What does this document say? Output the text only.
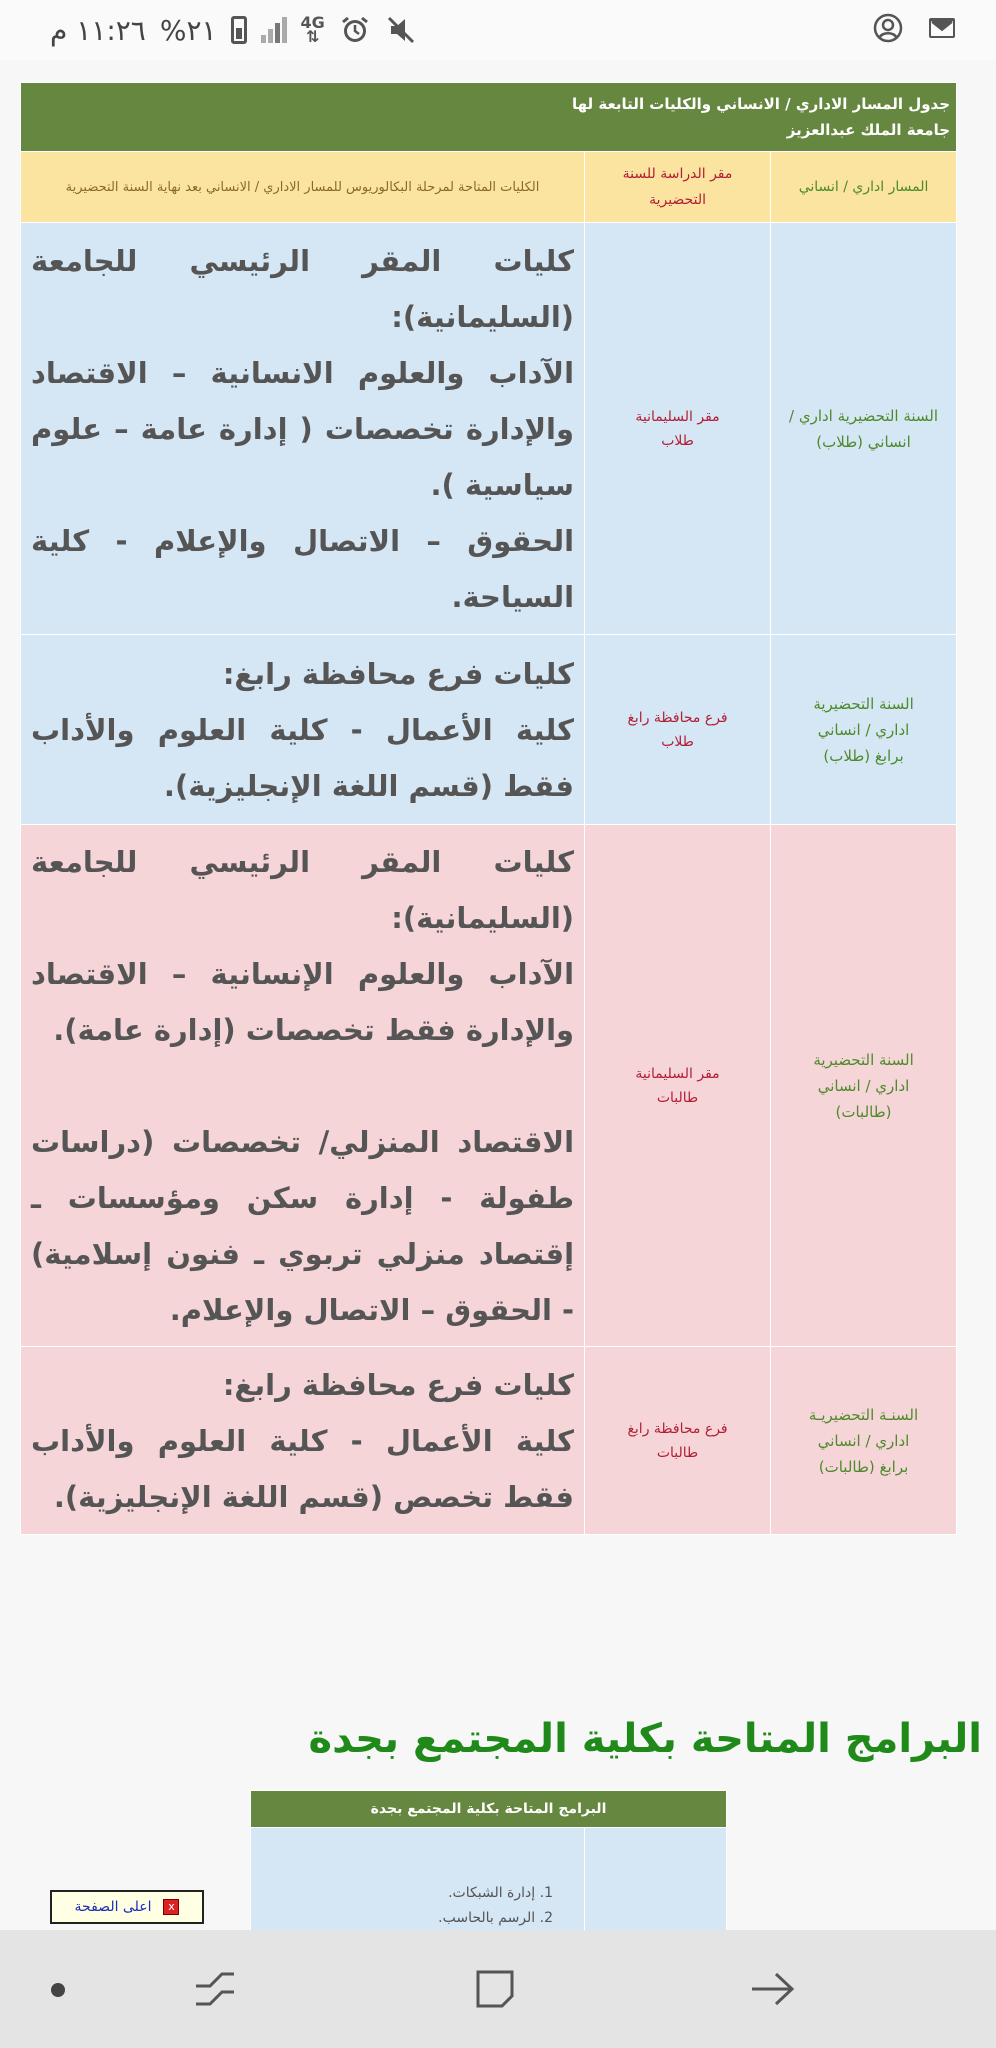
١١:٢٦ م %٢١	4G
⇅
جدول المسار الاداري / الانساني والكليات التابعة لها
جامعة الملك عبدالعزيز		

المسار اداري / انساني	مقر الدراسة للسنة التحضيرية	الكليات المتاحة لمرحلة البكالوريوس للمسار الاداري / الانساني بعد نهاية السنة التحضيرية
السنة التحضيرية اداري / انساني (طلاب)	مقر السليمانية طلاب	كليات المقر الرئيسي للجامعة (السليمانية):
الآداب والعلوم الانسانية – الاقتصاد والإدارة تخصصات ( إدارة عامة – علوم سياسية ).
الحقوق – الاتصال والإعلام - كلية السياحة.

السنة التحضيرية اداري / انساني برابغ (طلاب)	فرع محافظة رابغ طلاب	كليات فرع محافظة رابغ:
كلية الأعمال - كلية العلوم والأداب فقط (قسم اللغة الإنجليزية).

السنة التحضيرية اداري / انساني (طالبات)	مقر السليمانية طالبات	كليات المقر الرئيسي للجامعة (السليمانية):
الآداب والعلوم الإنسانية – الاقتصاد والإدارة فقط تخصصات (إدارة عامة).
الاقتصاد المنزلي/ تخصصات (دراسات طفولة - إدارة سكن ومؤسسات ـ إقتصاد منزلي تربوي ـ فنون إسلامية) - الحقوق – الاتصال والإعلام.

السنـة التحضيريـة اداري / انساني برابغ (طالبات)	فرع محافظة رابغ طالبات	كليات فرع محافظة رابغ:
كلية الأعمال - كلية العلوم والأداب فقط تخصص (قسم اللغة الإنجليزية).
البرامج المتاحة بكلية المجتمع بجدة
البرامج المتاحة بكلية المجتمع بجدة

1. إدارة الشبكات.
2. الرسم بالحاسب.
x
اعلى الصفحة
